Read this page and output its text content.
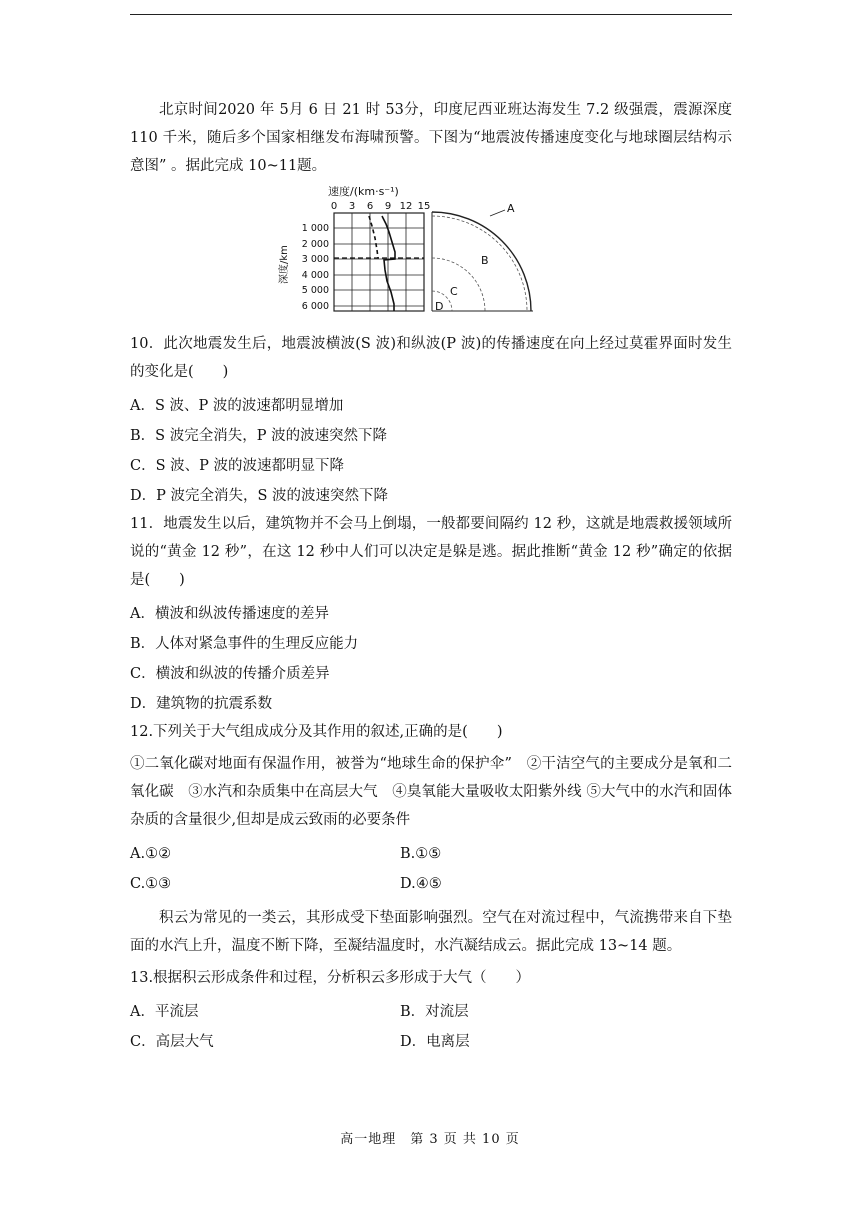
北京时间2020 年 5月 6 日 21 时 53分，印度尼西亚班达海发生 7.2 级强震，震源深度 110 千米，随后多个国家相继发布海啸预警。下图为“地震波传播速度变化与地球圈层结构示意图” 。据此完成 10~11题。

速度/(km·s⁻¹)
0 3 6 9 12 15
深度/km
1 000
2 000
3 000
4 000
5 000
6 000
A
B
C
D

10．此次地震发生后，地震波横波(S 波)和纵波(P 波)的传播速度在向上经过莫霍界面时发生的变化是(　　)

A．S 波、P 波的波速都明显增加

B．S 波完全消失，P 波的波速突然下降

C．S 波、P 波的波速都明显下降

D．P 波完全消失，S 波的波速突然下降

11．地震发生以后，建筑物并不会马上倒塌，一般都要间隔约 12 秒，这就是地震救援领域所说的“黄金 12 秒”，在这 12 秒中人们可以决定是躲是逃。据此推断“黄金 12 秒”确定的依据是(　　)

A．横波和纵波传播速度的差异

B．人体对紧急事件的生理反应能力

C．横波和纵波的传播介质差异

D．建筑物的抗震系数

12.下列关于大气组成成分及其作用的叙述,正确的是(　　)

①二氧化碳对地面有保温作用，被誉为“地球生命的保护伞”　②干洁空气的主要成分是氧和二氧化碳　③水汽和杂质集中在高层大气　④臭氧能大量吸收太阳紫外线 ⑤大气中的水汽和固体杂质的含量很少,但却是成云致雨的必要条件

A.①②	B.①⑤
C.①③	D.④⑤

积云为常见的一类云，其形成受下垫面影响强烈。空气在对流过程中，气流携带来自下垫面的水汽上升，温度不断下降，至凝结温度时，水汽凝结成云。据此完成 13~14 题。

13.根据积云形成条件和过程，分析积云多形成于大气（　　）

A．平流层	B．对流层
C．高层大气	D．电离层
高一地理　第 3 页 共 10 页
